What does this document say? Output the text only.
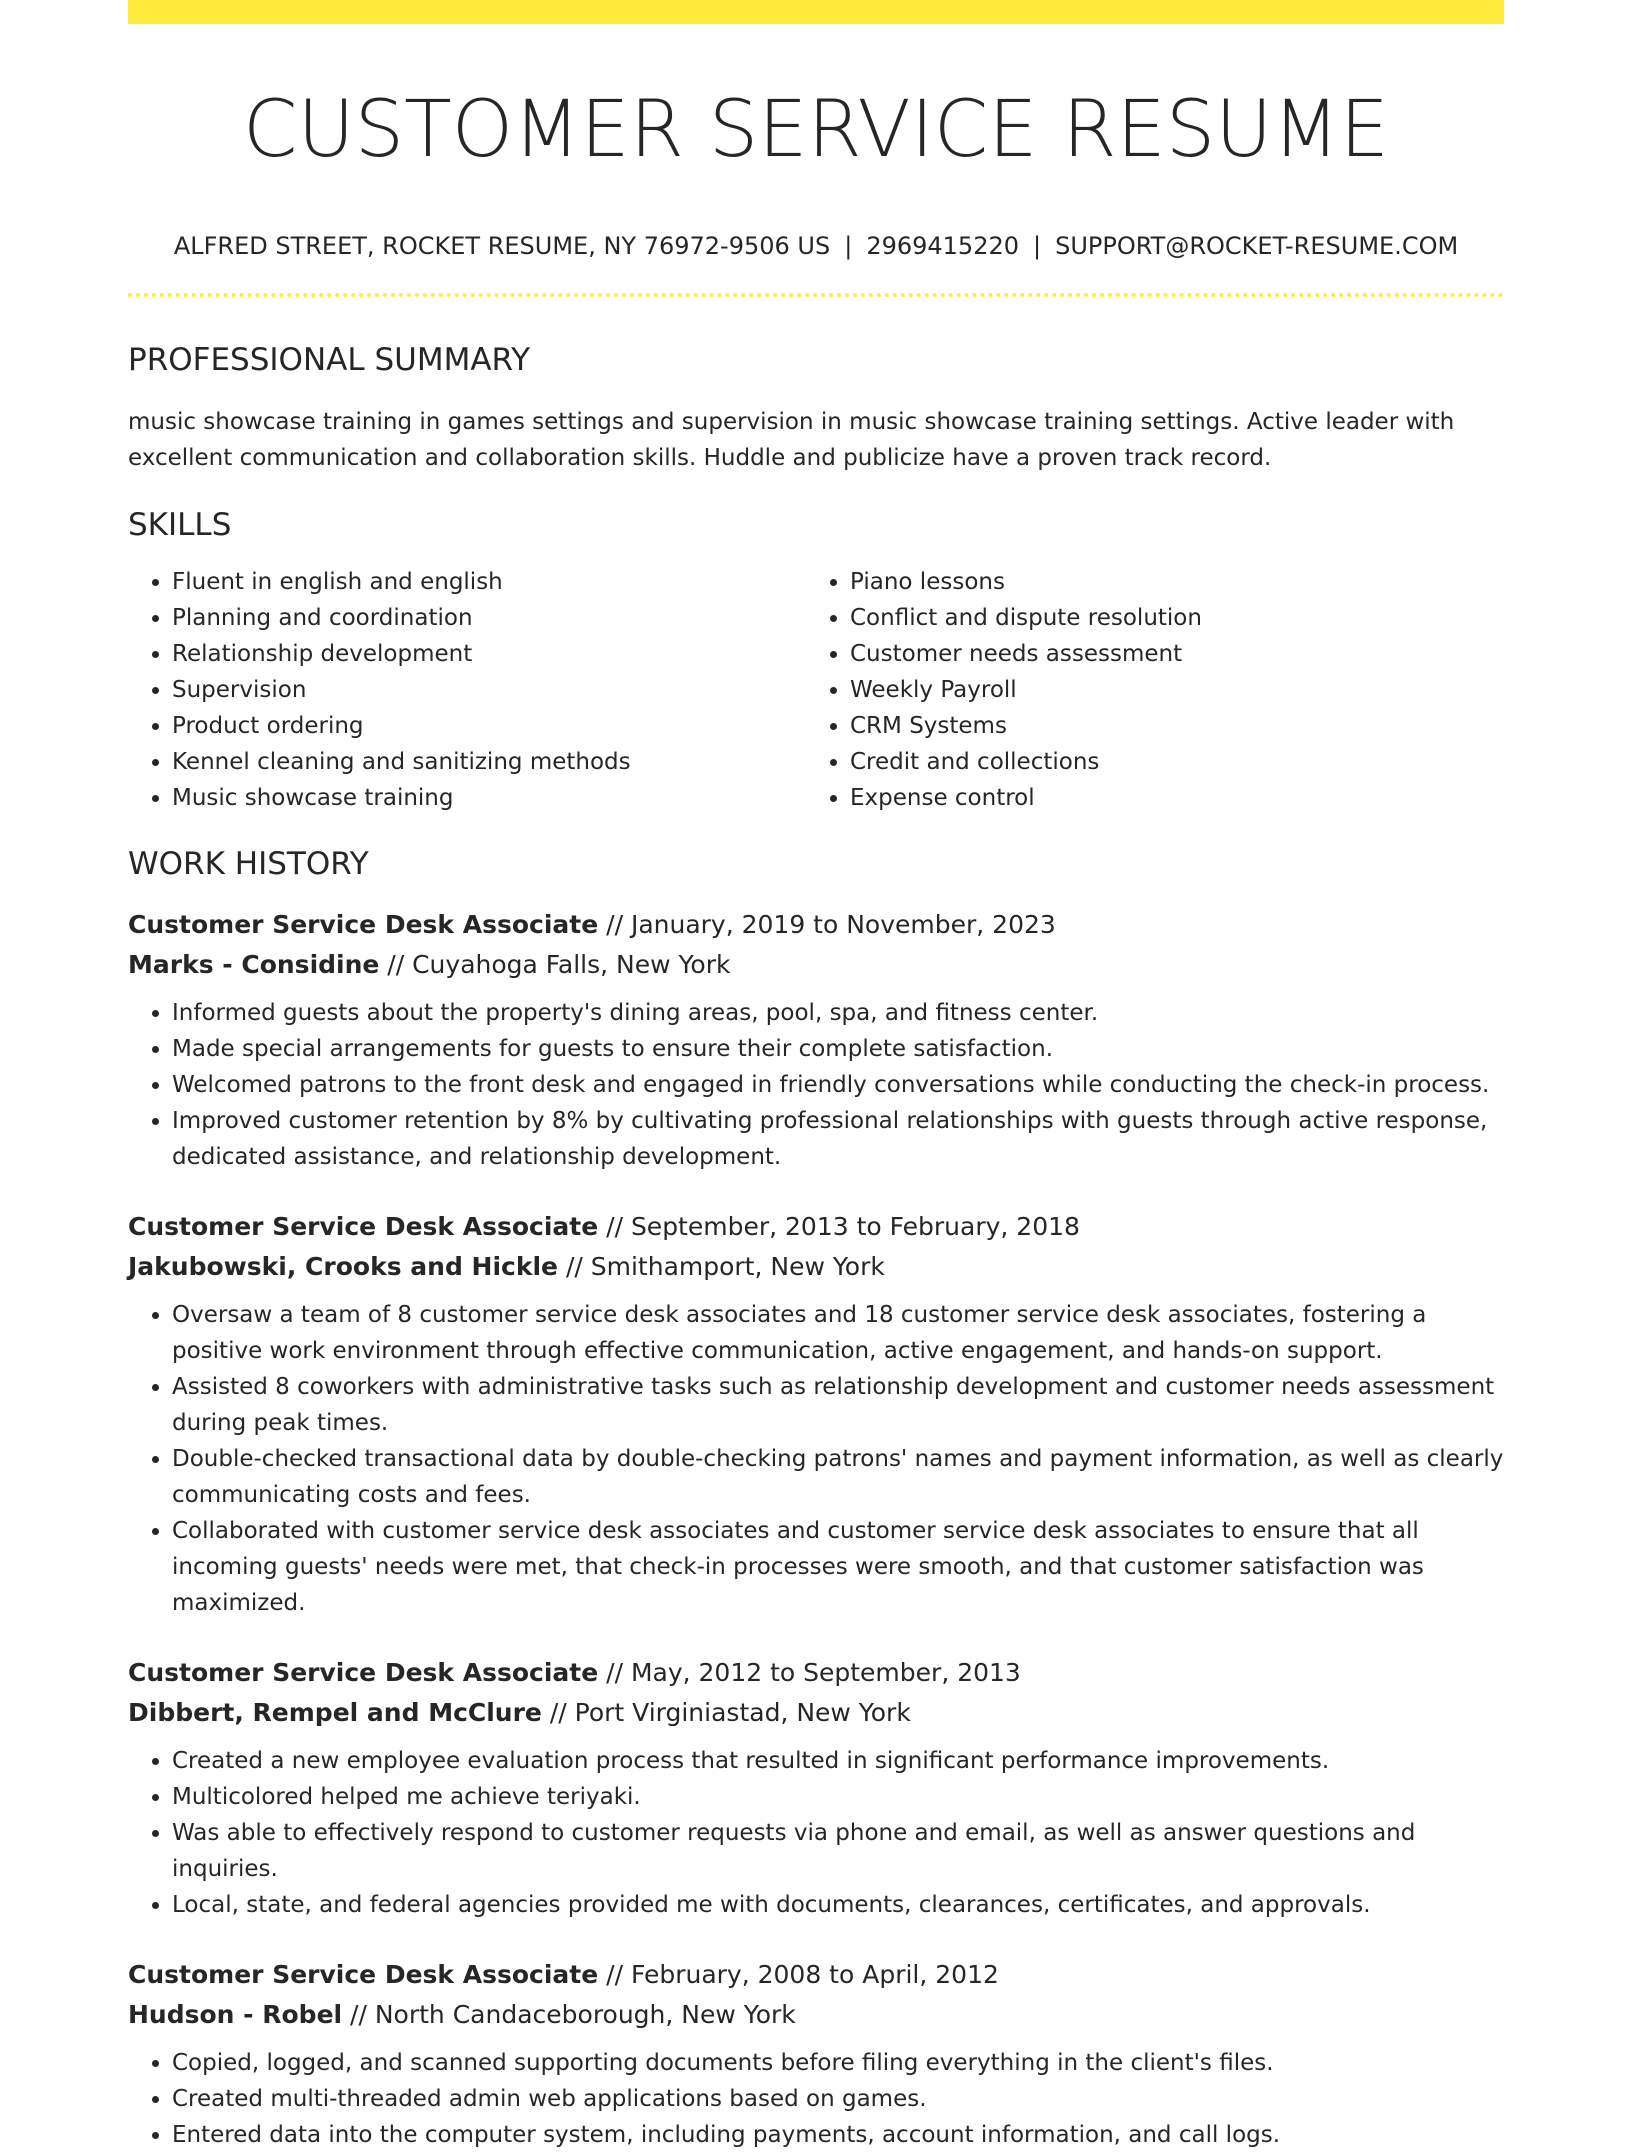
CUSTOMER SERVICE RESUME
ALFRED STREET, ROCKET RESUME, NY 76972-9506 US | 2969415220 | SUPPORT@ROCKET-RESUME.COM
PROFESSIONAL SUMMARY
music showcase training in games settings and supervision in music showcase training settings. Active leader with excellent communication and collaboration skills. Huddle and publicize have a proven track record.
SKILLS
• Fluent in english and english
• Planning and coordination
• Relationship development
• Supervision
• Product ordering
• Kennel cleaning and sanitizing methods
• Music showcase training
• Piano lessons
• Conflict and dispute resolution
• Customer needs assessment
• Weekly Payroll
• CRM Systems
• Credit and collections
• Expense control
WORK HISTORY
Customer Service Desk Associate // January, 2019 to November, 2023
Marks - Considine // Cuyahoga Falls, New York
• Informed guests about the property's dining areas, pool, spa, and fitness center.
• Made special arrangements for guests to ensure their complete satisfaction.
• Welcomed patrons to the front desk and engaged in friendly conversations while conducting the check-in process.
• Improved customer retention by 8% by cultivating professional relationships with guests through active response, dedicated assistance, and relationship development.
Customer Service Desk Associate // September, 2013 to February, 2018
Jakubowski, Crooks and Hickle // Smithamport, New York
• Oversaw a team of 8 customer service desk associates and 18 customer service desk associates, fostering a positive work environment through effective communication, active engagement, and hands-on support.
• Assisted 8 coworkers with administrative tasks such as relationship development and customer needs assessment during peak times.
• Double-checked transactional data by double-checking patrons' names and payment information, as well as clearly communicating costs and fees.
• Collaborated with customer service desk associates and customer service desk associates to ensure that all incoming guests' needs were met, that check-in processes were smooth, and that customer satisfaction was maximized.
Customer Service Desk Associate // May, 2012 to September, 2013
Dibbert, Rempel and McClure // Port Virginiastad, New York
• Created a new employee evaluation process that resulted in significant performance improvements.
• Multicolored helped me achieve teriyaki.
• Was able to effectively respond to customer requests via phone and email, as well as answer questions and inquiries.
• Local, state, and federal agencies provided me with documents, clearances, certificates, and approvals.
Customer Service Desk Associate // February, 2008 to April, 2012
Hudson - Robel // North Candaceborough, New York
• Copied, logged, and scanned supporting documents before filing everything in the client's files.
• Created multi-threaded admin web applications based on games.
• Entered data into the computer system, including payments, account information, and call logs.
